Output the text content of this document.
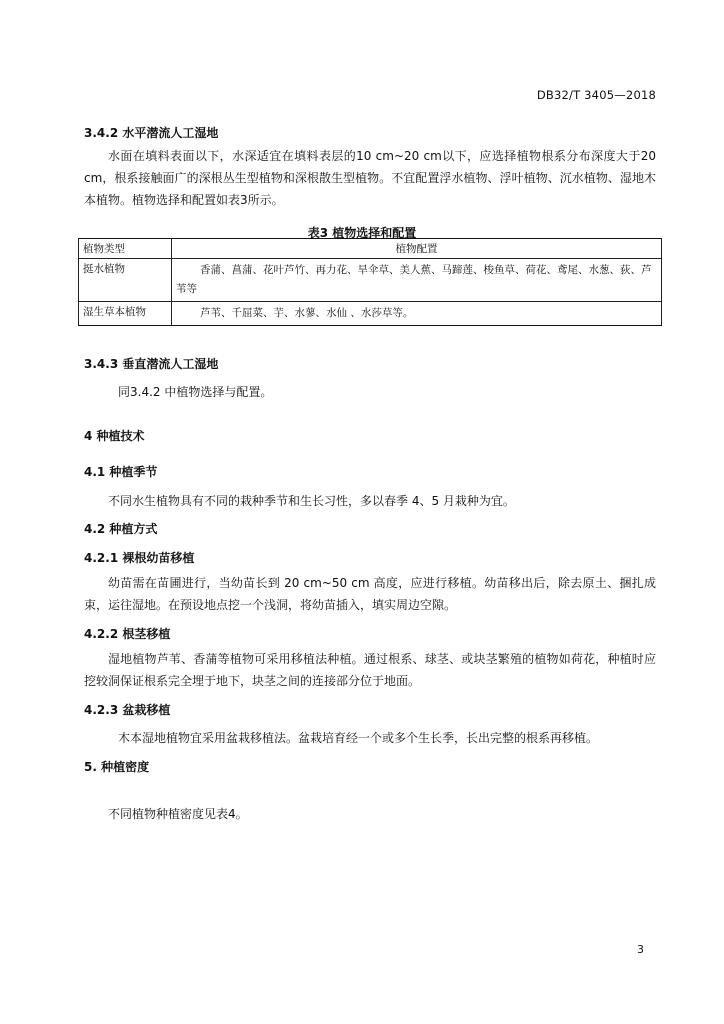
DB32/T 3405—2018
3.4.2 水平潜流人工湿地
水面在填料表面以下，水深适宜在填料表层的10 cm~20 cm以下，应选择植物根系分布深度大于20 cm，根系接触面广的深根丛生型植物和深根散生型植物。不宜配置浮水植物、浮叶植物、沉水植物、湿地木本植物。植物选择和配置如表3所示。
表3 植物选择和配置
植物类型	植物配置
挺水植物	香蒲、菖蒲、花叶芦竹、再力花、旱伞草、美人蕉、马蹄莲、梭鱼草、荷花、鸢尾、水葱、荻、芦苇等

湿生草本植物	芦苇、千屈菜、芋、水蓼、水仙 、水莎草等。
3.4.3 垂直潜流人工湿地
同3.4.2 中植物选择与配置。
4 种植技术
4.1 种植季节
不同水生植物具有不同的栽种季节和生长习性，多以春季 4、5 月栽种为宜。
4.2 种植方式
4.2.1 裸根幼苗移植
幼苗需在苗圃进行，当幼苗长到 20 cm~50 cm 高度，应进行移植。幼苗移出后，除去原土、捆扎成束，运往湿地。在预设地点挖一个浅洞，将幼苗插入，填实周边空隙。
4.2.2 根茎移植
湿地植物芦苇、香蒲等植物可采用移植法种植。通过根系、球茎、或块茎繁殖的植物如荷花，种植时应挖较洞保证根系完全埋于地下，块茎之间的连接部分位于地面。
4.2.3 盆栽移植
木本湿地植物宜采用盆栽移植法。盆栽培育经一个或多个生长季，长出完整的根系再移植。
5. 种植密度
不同植物种植密度见表4。
3
